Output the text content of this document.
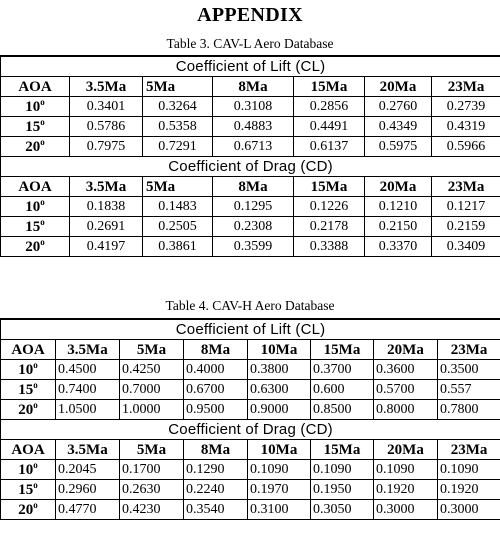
APPENDIX
Table 3. CAV-L Aero Database
Coefficient of Lift (CL)						
AOA	3.5Ma	5Ma	8Ma	15Ma	20Ma	23Ma
10$^o$	0.3401	0.3264	0.3108	0.2856	0.2760	0.2739
15$^o$	0.5786	0.5358	0.4883	0.4491	0.4349	0.4319
20$^o$	0.7975	0.7291	0.6713	0.6137	0.5975	0.5966
Coefficient of Drag (CD)						
AOA	3.5Ma	5Ma	8Ma	15Ma	20Ma	23Ma
10$^o$	0.1838	0.1483	0.1295	0.1226	0.1210	0.1217
15$^o$	0.2691	0.2505	0.2308	0.2178	0.2150	0.2159
20$^o$	0.4197	0.3861	0.3599	0.3388	0.3370	0.3409
Table 4. CAV-H Aero Database
Coefficient of Lift (CL)							
AOA	3.5Ma	5Ma	8Ma	10Ma	15Ma	20Ma	23Ma
10$^o$	0.4500	0.4250	0.4000	0.3800	0.3700	0.3600	0.3500
15$^o$	0.7400	0.7000	0.6700	0.6300	0.600	0.5700	0.557
20$^o$	1.0500	1.0000	0.9500	0.9000	0.8500	0.8000	0.7800
Coefficient of Drag (CD)							
AOA	3.5Ma	5Ma	8Ma	10Ma	15Ma	20Ma	23Ma
10$^o$	0.2045	0.1700	0.1290	0.1090	0.1090	0.1090	0.1090
15$^o$	0.2960	0.2630	0.2240	0.1970	0.1950	0.1920	0.1920
20$^o$	0.4770	0.4230	0.3540	0.3100	0.3050	0.3000	0.3000
